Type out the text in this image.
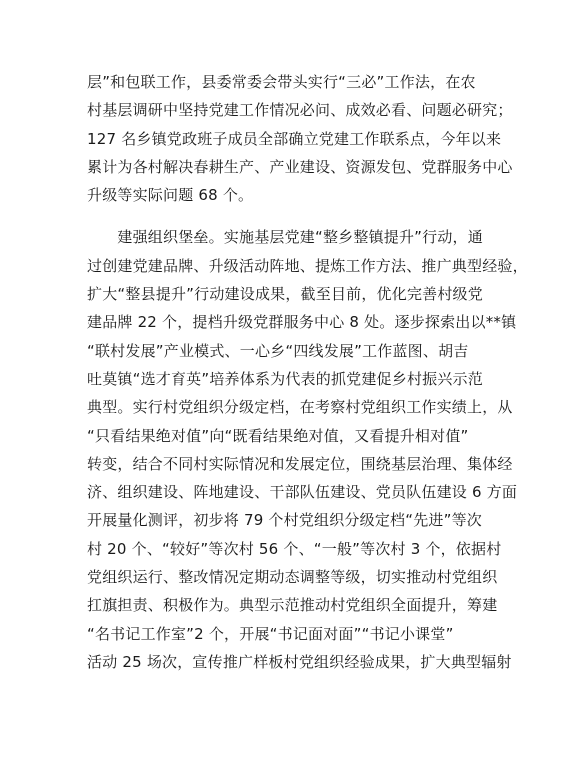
层”和包联工作，县委常委会带头实行“三必”工作法，在农
村基层调研中坚持党建工作情况必问、成效必看、问题必研究；
127 名乡镇党政班子成员全部确立党建工作联系点，今年以来
累计为各村解决春耕生产、产业建设、资源发包、党群服务中心
升级等实际问题 68 个。
　　建强组织堡垒。实施基层党建“整乡整镇提升”行动，通
过创建党建品牌、升级活动阵地、提炼工作方法、推广典型经验，
扩大“整县提升”行动建设成果，截至目前，优化完善村级党
建品牌 22 个，提档升级党群服务中心 8 处。逐步探索出以**镇
“联村发展”产业模式、一心乡“四线发展”工作蓝图、胡吉
吐莫镇“选才育英”培养体系为代表的抓党建促乡村振兴示范
典型。实行村党组织分级定档，在考察村党组织工作实绩上，从
“只看结果绝对值”向“既看结果绝对值，又看提升相对值”
转变，结合不同村实际情况和发展定位，围绕基层治理、集体经
济、组织建设、阵地建设、干部队伍建设、党员队伍建设 6 方面
开展量化测评，初步将 79 个村党组织分级定档“先进”等次
村 20 个、“较好”等次村 56 个、“一般”等次村 3 个，依据村
党组织运行、整改情况定期动态调整等级，切实推动村党组织
扛旗担责、积极作为。典型示范推动村党组织全面提升，筹建
“名书记工作室”2 个，开展“书记面对面”“书记小课堂”
活动 25 场次，宣传推广样板村党组织经验成果，扩大典型辐射
